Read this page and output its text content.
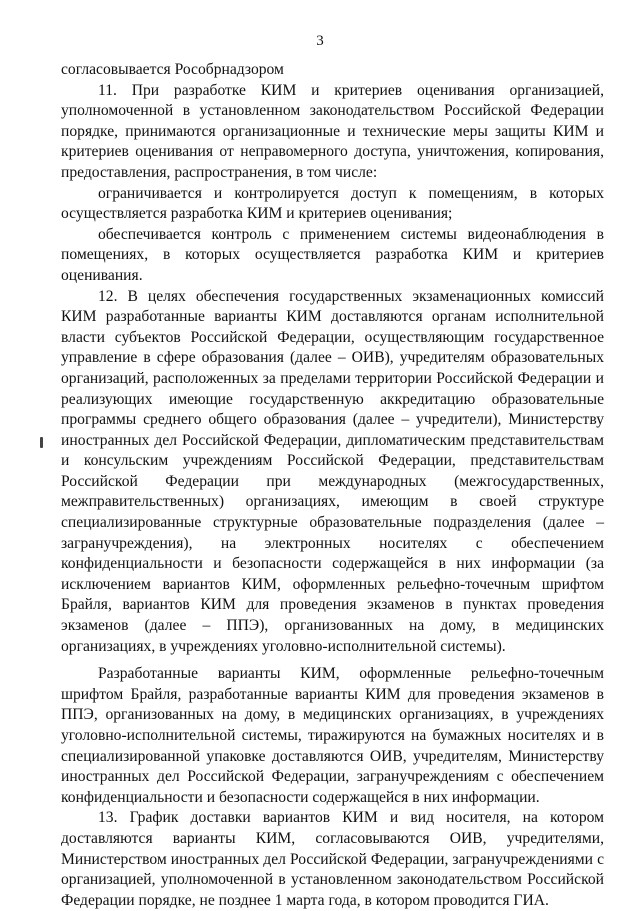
3

согласовывается Рособрнадзором

11. При разработке КИМ и критериев оценивания организацией, уполномоченной в установленном законодательством Российской Федерации порядке, принимаются организационные и технические меры защиты КИМ и критериев оценивания от неправомерного доступа, уничтожения, копирования, предоставления, распространения, в том числе:

ограничивается и контролируется доступ к помещениям, в которых осуществляется разработка КИМ и критериев оценивания;

обеспечивается контроль с применением системы видеонаблюдения в помещениях, в которых осуществляется разработка КИМ и критериев оценивания.

12. В целях обеспечения государственных экзаменационных комиссий КИМ разработанные варианты КИМ доставляются органам исполнительной власти субъектов Российской Федерации, осуществляющим государственное управление в сфере образования (далее – ОИВ), учредителям образовательных организаций, расположенных за пределами территории Российской Федерации и реализующих имеющие государственную аккредитацию образовательные программы среднего общего образования (далее – учредители), Министерству иностранных дел Российской Федерации, дипломатическим представительствам и консульским учреждениям Российской Федерации, представительствам Российской Федерации при международных (межгосударственных, межправительственных) организациях, имеющим в своей структуре специализированные структурные образовательные подразделения (далее – загранучреждения), на электронных носителях с обеспечением конфиденциальности и безопасности содержащейся в них информации (за исключением вариантов КИМ, оформленных рельефно-точечным шрифтом Брайля, вариантов КИМ для проведения экзаменов в пунктах проведения экзаменов (далее – ППЭ), организованных на дому, в медицинских организациях, в учреждениях уголовно-исполнительной системы).

Разработанные варианты КИМ, оформленные рельефно-точечным шрифтом Брайля, разработанные варианты КИМ для проведения экзаменов в ППЭ, организованных на дому, в медицинских организациях, в учреждениях уголовно-исполнительной системы, тиражируются на бумажных носителях и в специализированной упаковке доставляются ОИВ, учредителям, Министерству иностранных дел Российской Федерации, загранучреждениям с обеспечением конфиденциальности и безопасности содержащейся в них информации.

13. График доставки вариантов КИМ и вид носителя, на котором доставляются варианты КИМ, согласовываются ОИВ, учредителями, Министерством иностранных дел Российской Федерации, загранучреждениями с организацией, уполномоченной в установленном законодательством Российской Федерации порядке, не позднее 1 марта года, в котором проводится ГИА.
